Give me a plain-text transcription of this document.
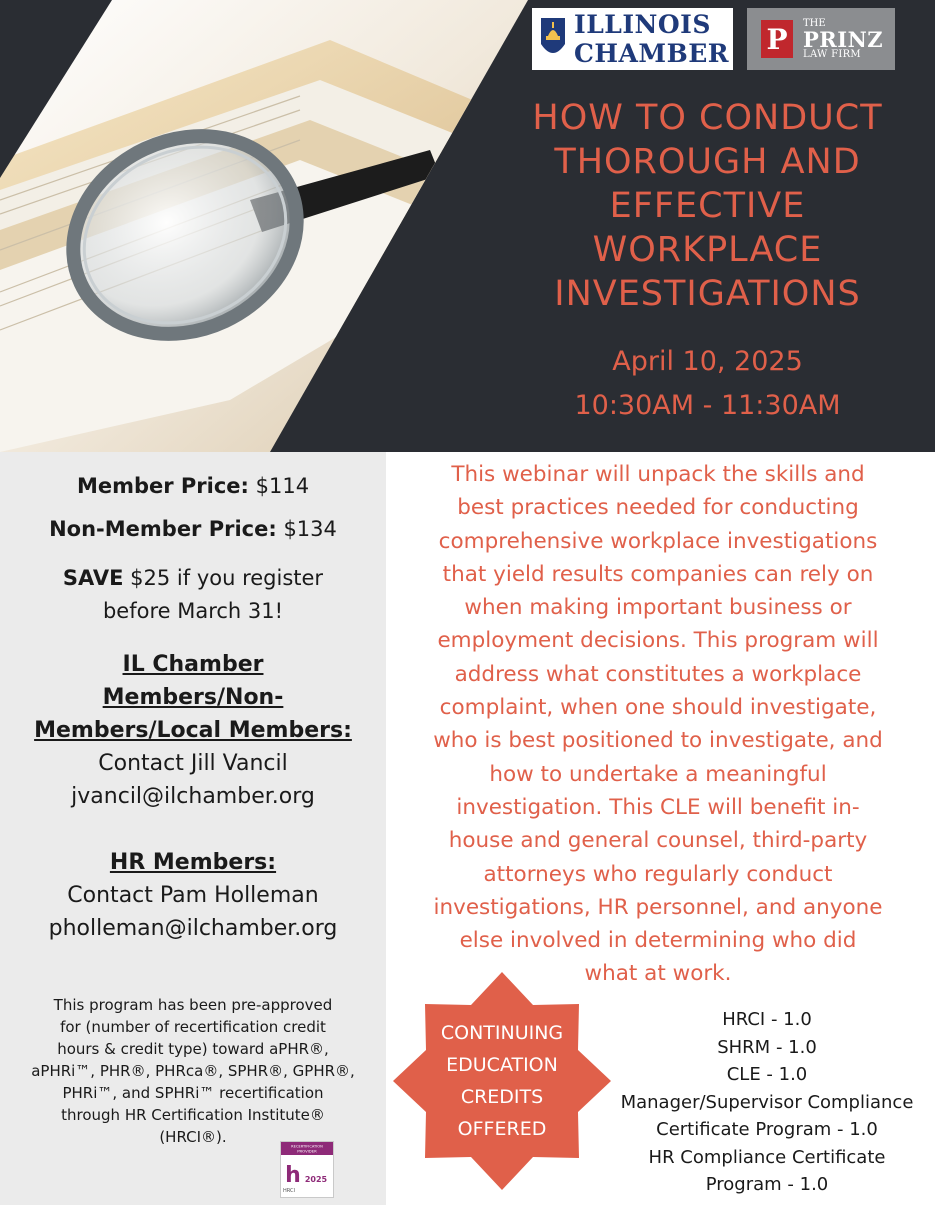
ILLINOIS
CHAMBER P	THE
PRINZ
LAW FIRM
HOW TO CONDUCT
THOROUGH AND
EFFECTIVE
WORKPLACE
INVESTIGATIONS
April 10, 2025
10:30AM - 11:30AM
Member Price: $114
Non-Member Price: $134
SAVE $25 if you register
before March 31!
IL Chamber
Members/Non-
Members/Local Members:
Contact Jill Vancil
jvancil@ilchamber.org
HR Members:
Contact Pam Holleman
pholleman@ilchamber.org
This program has been pre-approved
for (number of recertification credit
hours & credit type) toward aPHR®,
aPHRi™, PHR®, PHRca®, SPHR®, GPHR®,
PHRi™, and SPHRi™ recertification
through HR Certification Institute®
(HRCI®).
RECERTIFICATION
PROVIDER
h 2025
HRCI
This webinar will unpack the skills and
best practices needed for conducting
comprehensive workplace investigations
that yield results companies can rely on
when making important business or
employment decisions. This program will
address what constitutes a workplace
complaint, when one should investigate,
who is best positioned to investigate, and
how to undertake a meaningful
investigation. This CLE will benefit in-
house and general counsel, third-party
attorneys who regularly conduct
investigations, HR personnel, and anyone
else involved in determining who did
what at work.
CONTINUING
EDUCATION
CREDITS
OFFERED
HRCI - 1.0
SHRM - 1.0
CLE - 1.0
Manager/Supervisor Compliance
Certificate Program - 1.0
HR Compliance Certificate
Program - 1.0
